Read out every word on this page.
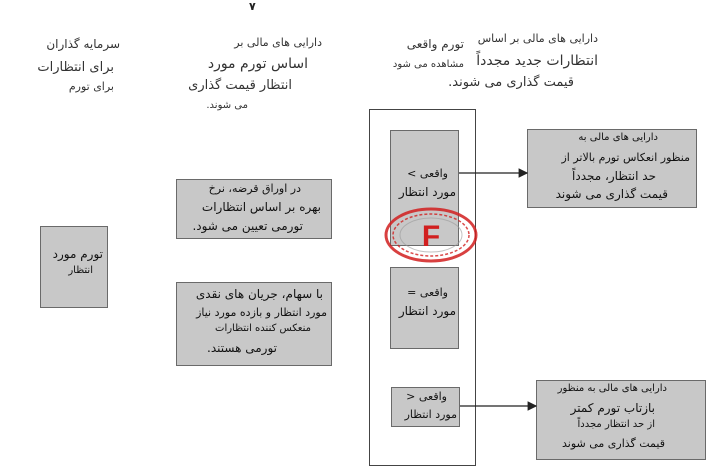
۷
سرمایه گذاران
برای انتظارات
برای تورم
دارایی های مالی بر
اساس تورم مورد
انتظار قیمت گذاری
می شوند.
تورم واقعی
مشاهده می شود
دارایی های مالی بر اساس
انتظارات جدید مجدداً
قیمت گذاری می شوند.
تورم مورد
انتظار
در اوراق قرضه، نرخ
بهره بر اساس انتظارات
تورمی تعیین می شود.
با سهام، جریان های نقدی
مورد انتظار و بازده مورد نیاز
منعکس کننده انتظارات
تورمی هستند.
واقعی >
مورد انتظار
واقعی =
مورد انتظار
واقعی <
مورد انتظار
دارایی های مالی به
منظور انعکاس تورم بالاتر از
حد انتظار، مجدداً
قیمت گذاری می شوند
دارایی های مالی به منظور
بازتاب تورم کمتر
از حد انتظار مجدداً
قیمت گذاری می شوند
F
